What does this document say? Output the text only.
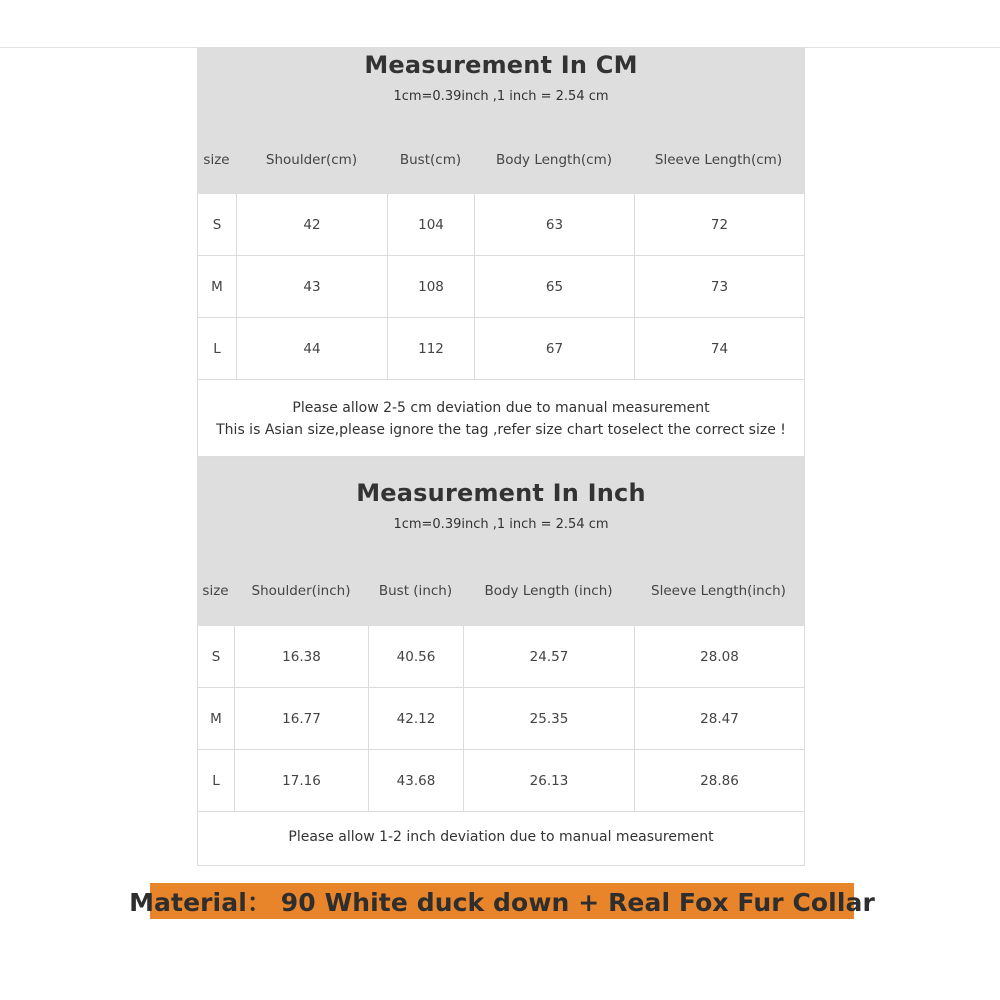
Measurement In CM
1cm=0.39inch ,1 inch = 2.54 cm
size	Shoulder(cm)	Bust(cm)	Body Length(cm)	Sleeve Length(cm)
S	42	104	63	72
M	43	108	65	73
L	44	112	67	74
Please allow 2-5 cm deviation due to manual measurement
This is Asian size,please ignore the tag ,refer size chart toselect the correct size !
Measurement In Inch
1cm=0.39inch ,1 inch = 2.54 cm
size	Shoulder(inch)	Bust (inch)	Body Length (inch)	Sleeve Length(inch)
S	16.38	40.56	24.57	28.08
M	16.77	42.12	25.35	28.47
L	17.16	43.68	26.13	28.86
Please allow 1-2 inch deviation due to manual measurement
Material： 90 White duck down + Real Fox Fur Collar
